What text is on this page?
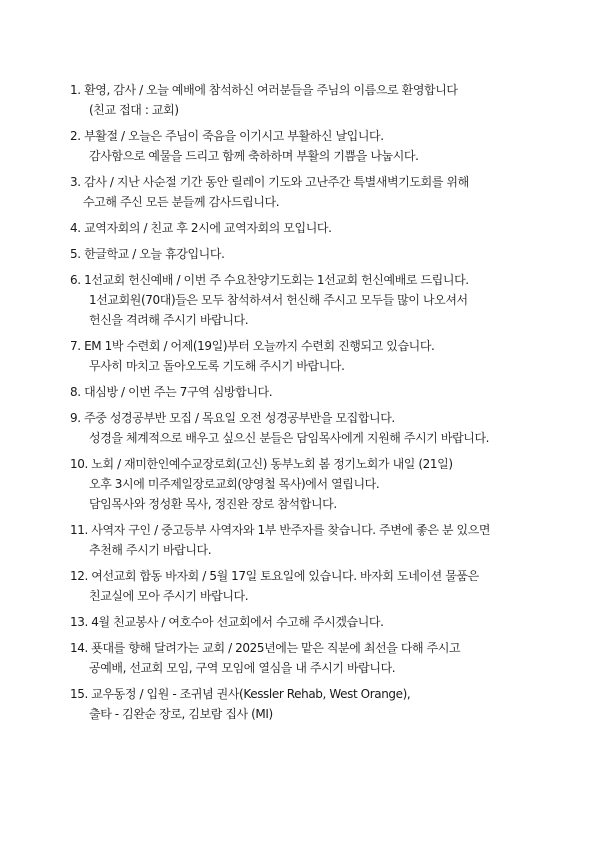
1. 환영, 감사 / 오늘 예배에 참석하신 여러분들을 주님의 이름으로 환영합니다
(친교 접대 : 교회)
2. 부활절 / 오늘은 주님이 죽음을 이기시고 부활하신 날입니다.
감사함으로 예물을 드리고 함께 축하하며 부활의 기쁨을 나눕시다.
3. 감사 / 지난 사순절 기간 동안 릴레이 기도와 고난주간 특별새벽기도회를 위해
수고해 주신 모든 분들께 감사드립니다.
4. 교역자회의 / 친교 후 2시에 교역자회의 모입니다.
5. 한글학교 / 오늘 휴강입니다.
6. 1선교회 헌신예배 / 이번 주 수요찬양기도회는 1선교회 헌신예배로 드립니다.
1선교회원(70대)들은 모두 참석하셔서 헌신해 주시고 모두들 많이 나오셔서
헌신을 격려해 주시기 바랍니다.
7. EM 1박 수련회 / 어제(19일)부터 오늘까지 수련회 진행되고 있습니다.
무사히 마치고 돌아오도록 기도해 주시기 바랍니다.
8. 대심방 / 이번 주는 7구역 심방합니다.
9. 주중 성경공부반 모집 / 목요일 오전 성경공부반을 모집합니다.
성경을 체계적으로 배우고 싶으신 분들은 담임목사에게 지원해 주시기 바랍니다.
10. 노회 / 재미한인예수교장로회(고신) 동부노회 봄 정기노회가 내일 (21일)
오후 3시에 미주제일장로교회(양영철 목사)에서 열립니다.
담임목사와 정성환 목사, 정진완 장로 참석합니다.
11. 사역자 구인 / 중고등부 사역자와 1부 반주자를 찾습니다. 주변에 좋은 분 있으면
추천해 주시기 바랍니다.
12. 여선교회 합동 바자회 / 5월 17일 토요일에 있습니다. 바자회 도네이션 물품은
친교실에 모아 주시기 바랍니다.
13. 4월 친교봉사 / 여호수아 선교회에서 수고해 주시겠습니다.
14. 푯대를 향해 달려가는 교회 / 2025년에는 맡은 직분에 최선을 다해 주시고
공예배, 선교회 모임, 구역 모임에 열심을 내 주시기 바랍니다.
15. 교우동정 / 입원 - 조귀념 권사(Kessler Rehab, West Orange),
출타 - 김완순 장로, 김보람 집사 (MI)
